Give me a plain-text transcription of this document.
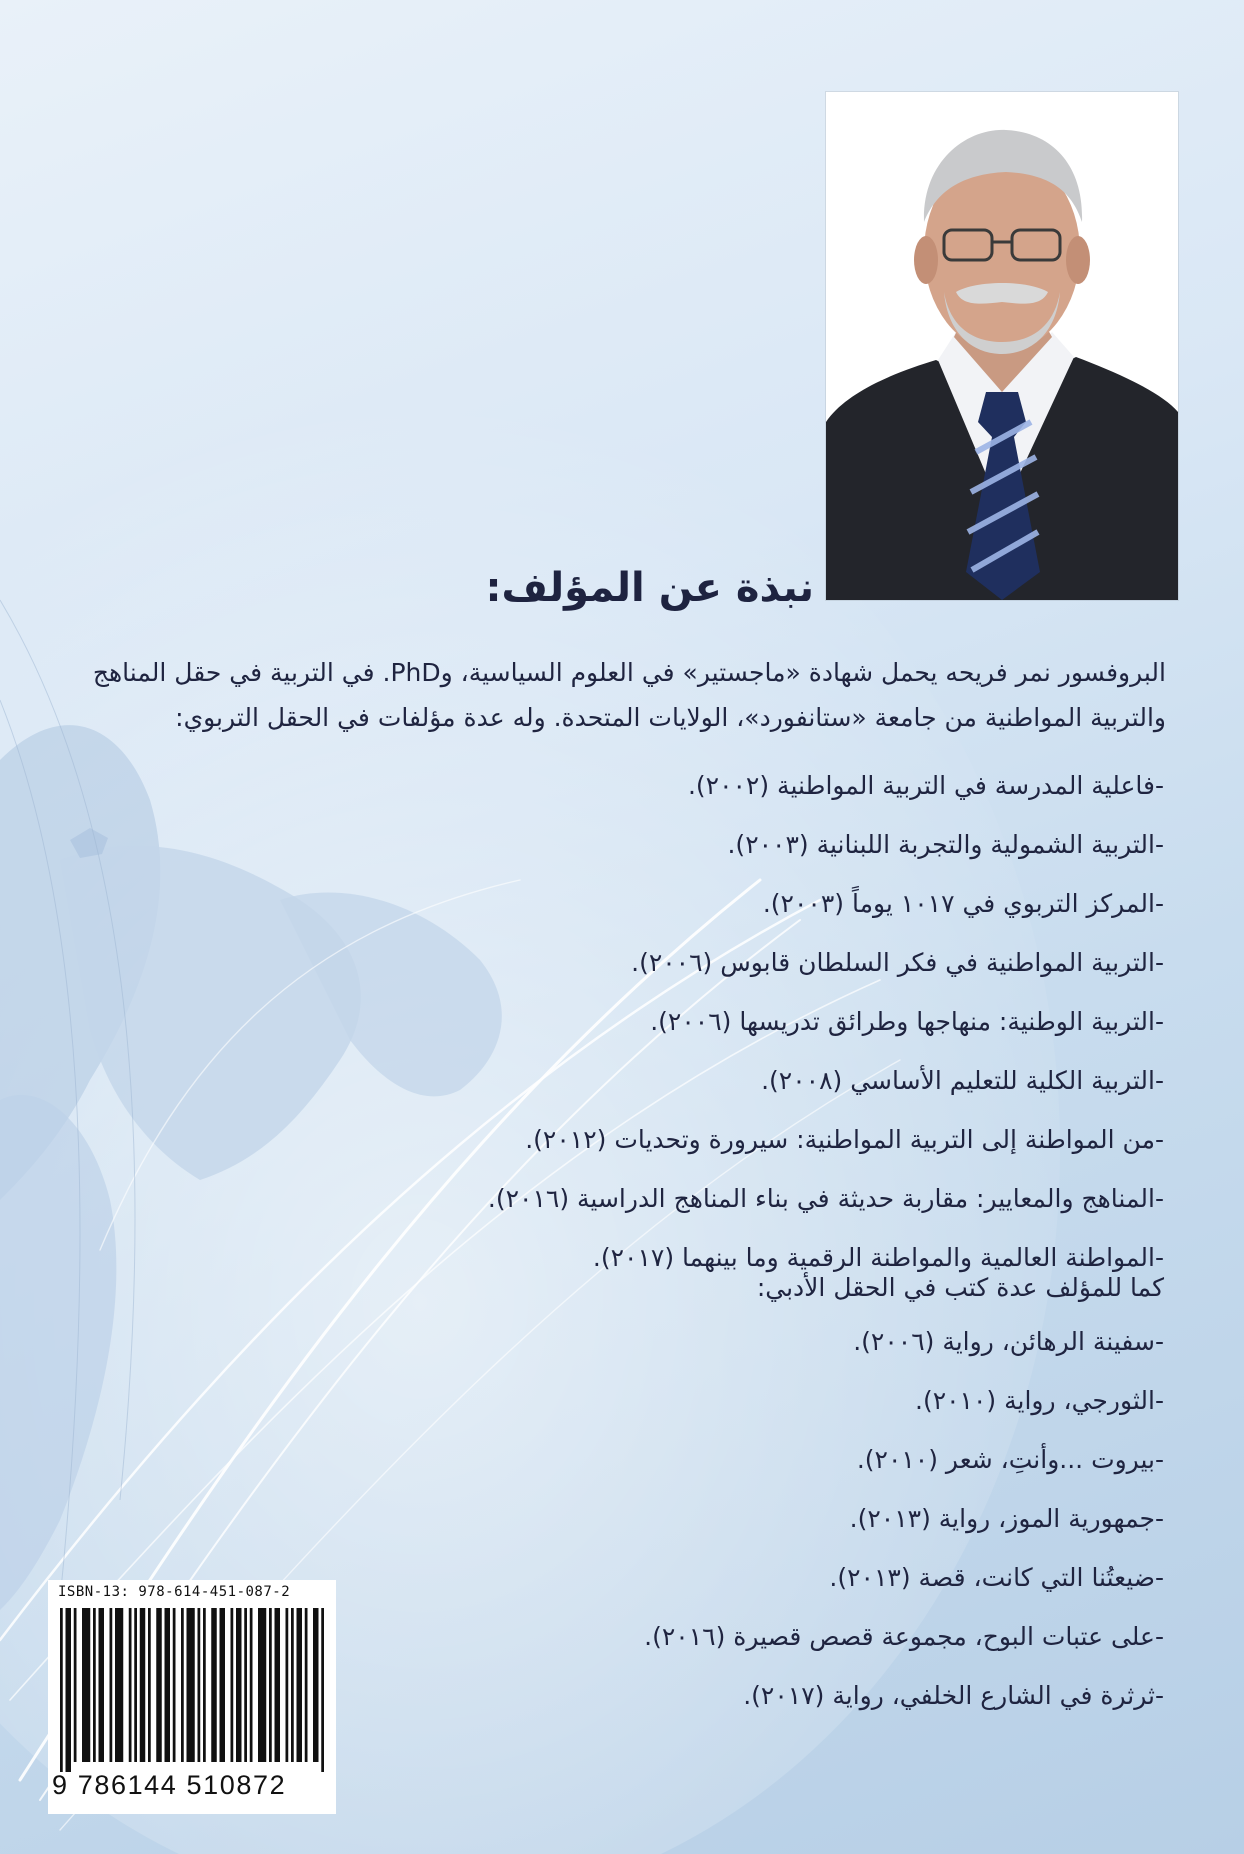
نبذة عن المؤلف:

البروفسور نمر فريحه يحمل شهادة «ماجستير» في العلوم السياسية، وPhD. في التربية في حقل المناهج

والتربية المواطنية من جامعة «ستانفورد»، الولايات المتحدة. وله عدة مؤلفات في الحقل التربوي:

-فاعلية المدرسة في التربية المواطنية (٢٠٠٢).
-التربية الشمولية والتجربة اللبنانية (٢٠٠٣).
-المركز التربوي في ١٠١٧ يوماً (٢٠٠٣).
-التربية المواطنية في فكر السلطان قابوس (٢٠٠٦).
-التربية الوطنية: منهاجها وطرائق تدريسها (٢٠٠٦).
-التربية الكلية للتعليم الأساسي (٢٠٠٨).
-من المواطنة إلى التربية المواطنية: سيرورة وتحديات (٢٠١٢).
-المناهج والمعايير: مقاربة حديثة في بناء المناهج الدراسية (٢٠١٦).
-المواطنة العالمية والمواطنة الرقمية وما بينهما (٢٠١٧).
كما للمؤلف عدة كتب في الحقل الأدبي:
-سفينة الرهائن، رواية (٢٠٠٦).
-الثورجي، رواية (٢٠١٠).
-بيروت ...وأنتِ، شعر (٢٠١٠).
-جمهورية الموز، رواية (٢٠١٣).
-ضيعتُنا التي كانت، قصة (٢٠١٣).
-على عتبات البوح، مجموعة قصص قصيرة (٢٠١٦).
-ثرثرة في الشارع الخلفي، رواية (٢٠١٧).
ISBN-13: 978-614-451-087-2
9 786144 510872
